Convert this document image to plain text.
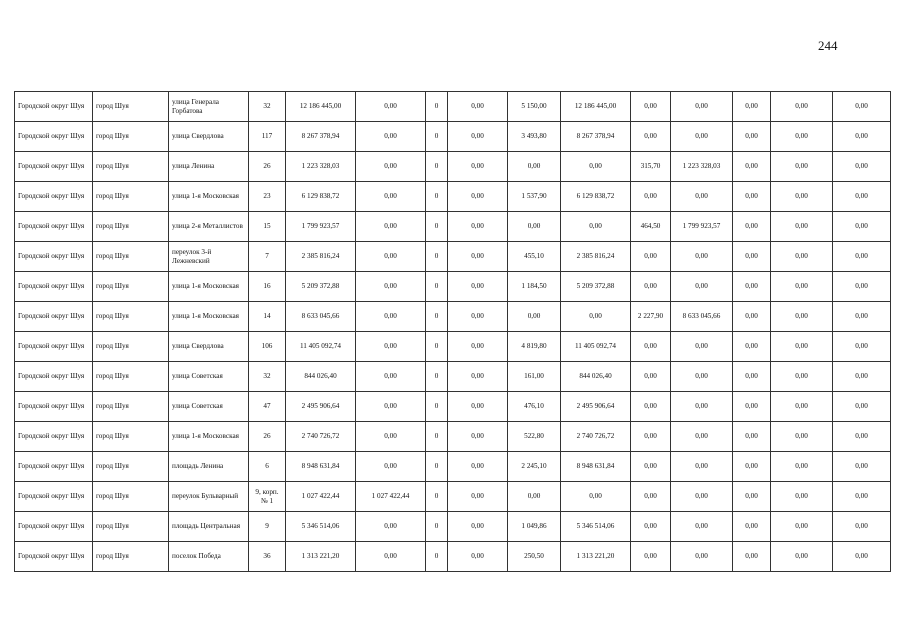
244
Городской округ Шуя	город Шуя	улица Генерала Горбатова	32	12 186 445,00	0,00	0	0,00	5 150,00	12 186 445,00	0,00	0,00	0,00	0,00	0,00
Городской округ Шуя	город Шуя	улица Свердлова	117	8 267 378,94	0,00	0	0,00	3 493,80	8 267 378,94	0,00	0,00	0,00	0,00	0,00
Городской округ Шуя	город Шуя	улица Ленина	26	1 223 328,03	0,00	0	0,00	0,00	0,00	315,70	1 223 328,03	0,00	0,00	0,00
Городской округ Шуя	город Шуя	улица 1-я Московская	23	6 129 838,72	0,00	0	0,00	1 537,90	6 129 838,72	0,00	0,00	0,00	0,00	0,00
Городской округ Шуя	город Шуя	улица 2-я Металлистов	15	1 799 923,57	0,00	0	0,00	0,00	0,00	464,50	1 799 923,57	0,00	0,00	0,00
Городской округ Шуя	город Шуя	переулок 3-й Лежневский	7	2 385 816,24	0,00	0	0,00	455,10	2 385 816,24	0,00	0,00	0,00	0,00	0,00
Городской округ Шуя	город Шуя	улица 1-я Московская	16	5 209 372,88	0,00	0	0,00	1 184,50	5 209 372,88	0,00	0,00	0,00	0,00	0,00
Городской округ Шуя	город Шуя	улица 1-я Московская	14	8 633 045,66	0,00	0	0,00	0,00	0,00	2 227,90	8 633 045,66	0,00	0,00	0,00
Городской округ Шуя	город Шуя	улица Свердлова	106	11 405 092,74	0,00	0	0,00	4 819,80	11 405 092,74	0,00	0,00	0,00	0,00	0,00
Городской округ Шуя	город Шуя	улица Советская	32	844 026,40	0,00	0	0,00	161,00	844 026,40	0,00	0,00	0,00	0,00	0,00
Городской округ Шуя	город Шуя	улица Советская	47	2 495 906,64	0,00	0	0,00	476,10	2 495 906,64	0,00	0,00	0,00	0,00	0,00
Городской округ Шуя	город Шуя	улица 1-я Московская	26	2 740 726,72	0,00	0	0,00	522,80	2 740 726,72	0,00	0,00	0,00	0,00	0,00
Городской округ Шуя	город Шуя	площадь Ленина	6	8 948 631,84	0,00	0	0,00	2 245,10	8 948 631,84	0,00	0,00	0,00	0,00	0,00
Городской округ Шуя	город Шуя	переулок Бульварный	9, корп. № 1	1 027 422,44	1 027 422,44	0	0,00	0,00	0,00	0,00	0,00	0,00	0,00	0,00
Городской округ Шуя	город Шуя	площадь Центральная	9	5 346 514,06	0,00	0	0,00	1 049,86	5 346 514,06	0,00	0,00	0,00	0,00	0,00
Городской округ Шуя	город Шуя	поселок Победа	36	1 313 221,20	0,00	0	0,00	250,50	1 313 221,20	0,00	0,00	0,00	0,00	0,00
